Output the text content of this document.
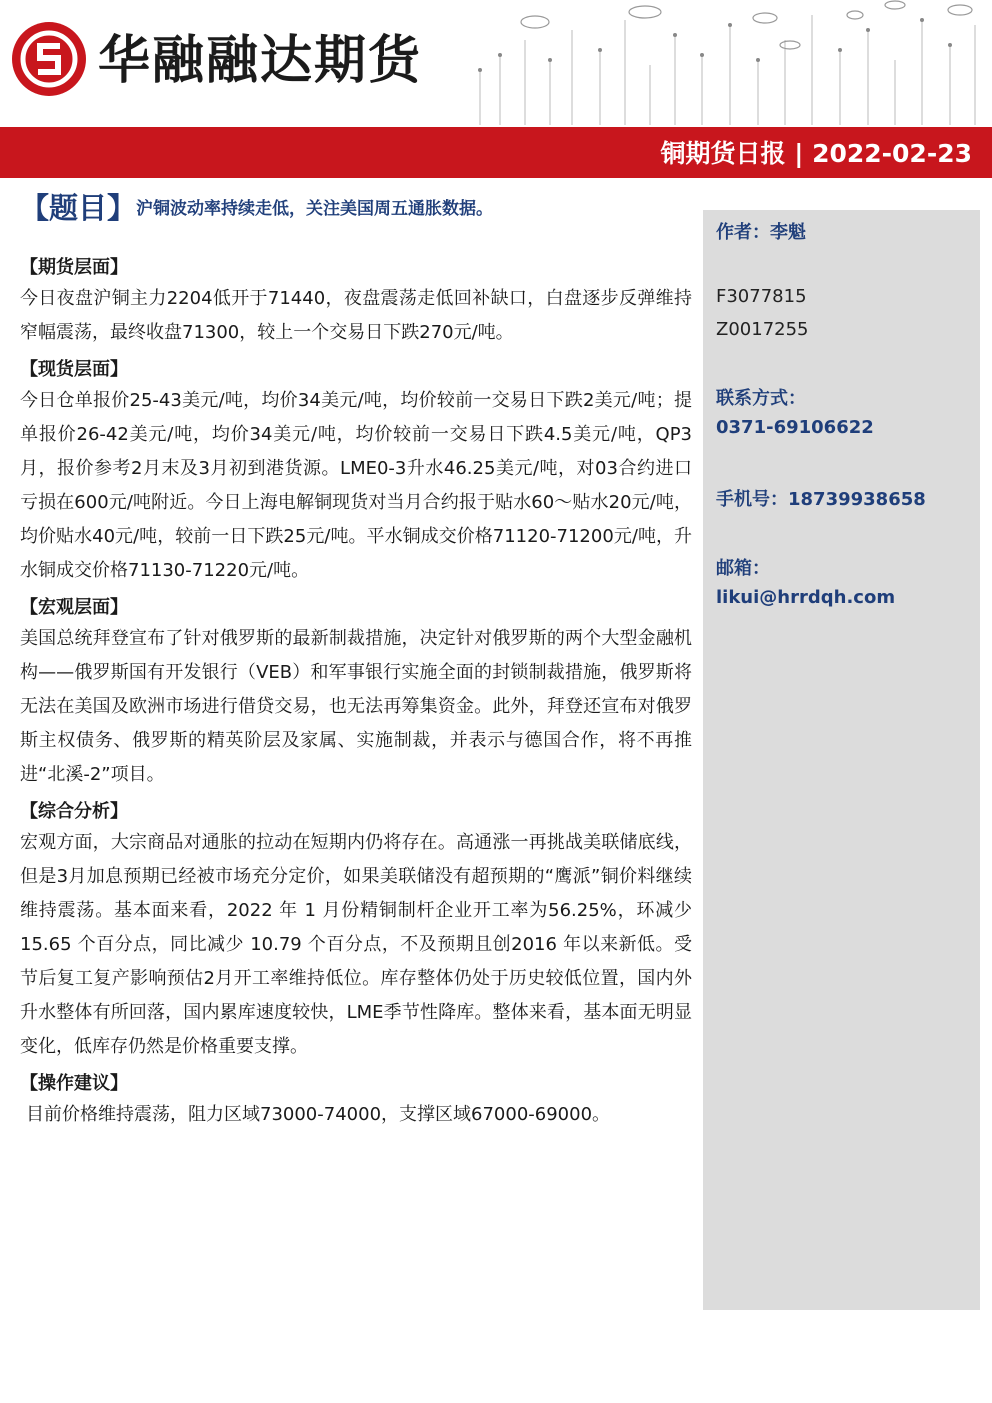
华融融达期货
铜期货日报 | 2022-02-23
作者：李魁
F3077815
Z0017255
联系方式：
0371-69106622
手机号：18739938658
邮箱：
likui@hrrdqh.com
【题目】沪铜波动率持续走低，关注美国周五通胀数据。
【期货层面】
今日夜盘沪铜主力2204低开于71440，夜盘震荡走低回补缺口，白盘逐步反弹维持窄幅震荡，最终收盘71300，较上一个交易日下跌270元/吨。
【现货层面】
今日仓单报价25-43美元/吨，均价34美元/吨，均价较前一交易日下跌2美元/吨；提单报价26-42美元/吨，均价34美元/吨，均价较前一交易日下跌4.5美元/吨，QP3月，报价参考2月末及3月初到港货源。LME0-3升水46.25美元/吨，对03合约进口亏损在600元/吨附近。今日上海电解铜现货对当月合约报于贴水60～贴水20元/吨，均价贴水40元/吨，较前一日下跌25元/吨。平水铜成交价格71120-71200元/吨，升水铜成交价格71130-71220元/吨。
【宏观层面】
美国总统拜登宣布了针对俄罗斯的最新制裁措施，决定针对俄罗斯的两个大型金融机构——俄罗斯国有开发银行（VEB）和军事银行实施全面的封锁制裁措施，俄罗斯将无法在美国及欧洲市场进行借贷交易，也无法再筹集资金。此外，拜登还宣布对俄罗斯主权债务、俄罗斯的精英阶层及家属、实施制裁，并表示与德国合作，将不再推进“北溪-2”项目。
【综合分析】
宏观方面，大宗商品对通胀的拉动在短期内仍将存在。高通涨一再挑战美联储底线，但是3月加息预期已经被市场充分定价，如果美联储没有超预期的“鹰派”铜价料继续维持震荡。基本面来看，2022 年 1 月份精铜制杆企业开工率为56.25%，环减少 15.65 个百分点，同比减少 10.79 个百分点，不及预期且创2016 年以来新低。受节后复工复产影响预估2月开工率维持低位。库存整体仍处于历史较低位置，国内外升水整体有所回落，国内累库速度较快，LME季节性降库。整体来看，基本面无明显变化，低库存仍然是价格重要支撑。
【操作建议】
目前价格维持震荡，阻力区域73000-74000，支撑区域67000-69000。
